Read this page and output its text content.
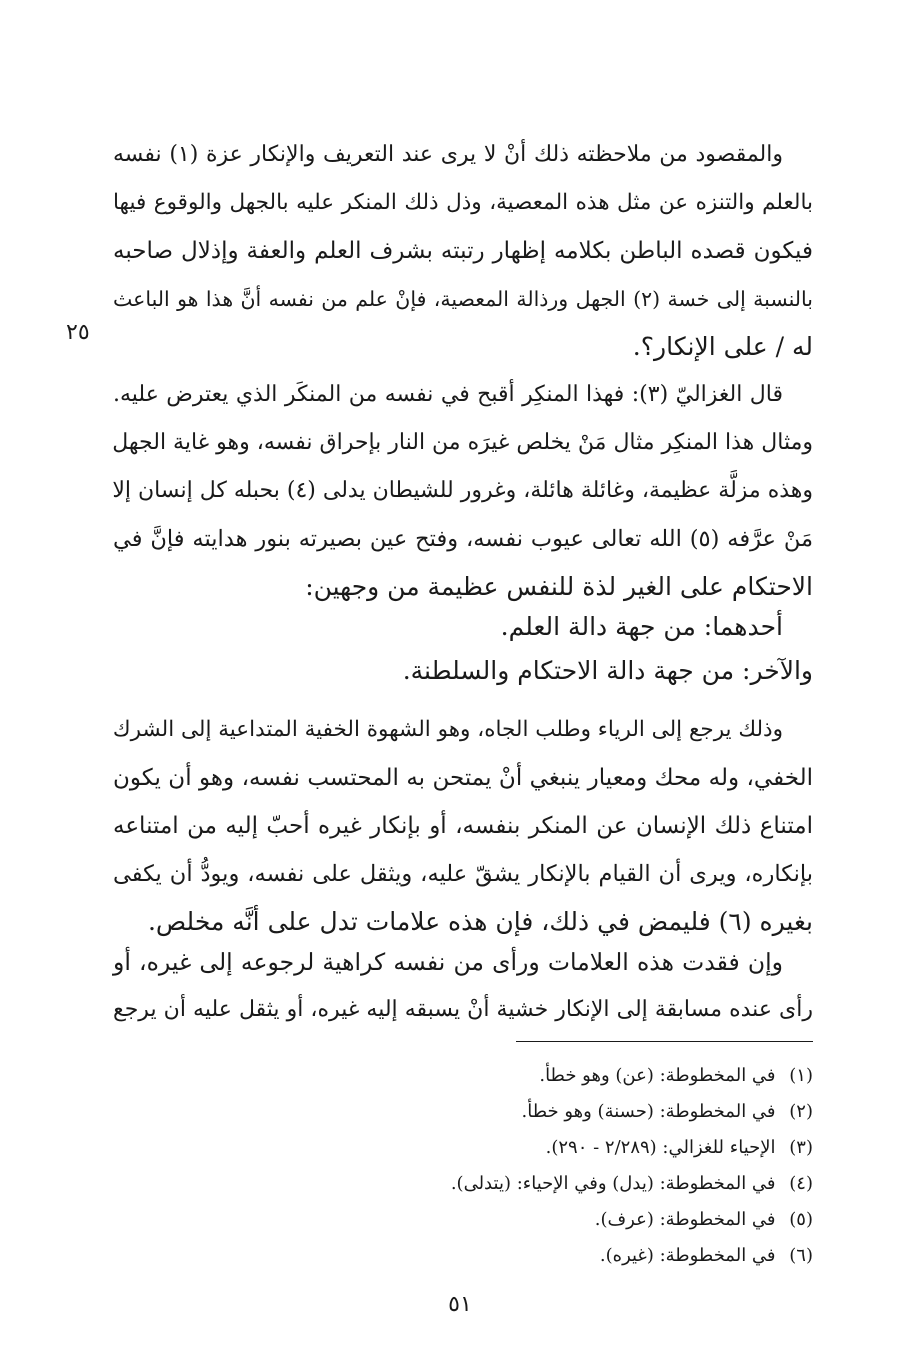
والمقصود من ملاحظته ذلك أنْ لا يرى عند التعريف والإنكار عزة (١) نفسه
بالعلم والتنزه عن مثل هذه المعصية، وذل ذلك المنكر عليه بالجهل والوقوع فيها
فيكون قصده الباطن بكلامه إظهار رتبته بشرف العلم والعفة وإذلال صاحبه
بالنسبة إلى خسة (٢) الجهل ورذالة المعصية، فإنْ علم من نفسه أنَّ هذا هو الباعث
له / على الإنكار؟.
٢٥
قال الغزاليّ (٣): فهذا المنكِر أقبح في نفسه من المنكَر الذي يعترض عليه.
ومثال هذا المنكِر مثال مَنْ يخلص غيرَه من النار بإحراق نفسه، وهو غاية الجهل
وهذه مزلَّة عظيمة، وغائلة هائلة، وغرور للشيطان يدلى (٤) بحبله كل إنسان إلا
مَنْ عرَّفه (٥) الله تعالى عيوب نفسه، وفتح عين بصيرته بنور هدايته فإنَّ في
الاحتكام على الغير لذة للنفس عظيمة من وجهين:
أحدهما: من جهة دالة العلم.
والآخر: من جهة دالة الاحتكام والسلطنة.
وذلك يرجع إلى الرياء وطلب الجاه، وهو الشهوة الخفية المتداعية إلى الشرك
الخفي، وله محك ومعيار ينبغي أنْ يمتحن به المحتسب نفسه، وهو أن يكون
امتناع ذلك الإنسان عن المنكر بنفسه، أو بإنكار غيره أحبّ إليه من امتناعه
بإنكاره، ويرى أن القيام بالإنكار يشقّ عليه، ويثقل على نفسه، ويودُّ أن يكفى
بغيره (٦) فليمض في ذلك، فإن هذه علامات تدل على أنَّه مخلص.
وإن فقدت هذه العلامات ورأى من نفسه كراهية لرجوعه إلى غيره، أو
رأى عنده مسابقة إلى الإنكار خشية أنْ يسبقه إليه غيره، أو يثقل عليه أن يرجع
(١) في المخطوطة: (عن) وهو خطأ.
(٢) في المخطوطة: (حسنة) وهو خطأ.
(٣) الإحياء للغزالي: (٢/٢٨٩ - ٢٩٠).
(٤) في المخطوطة: (يدل) وفي الإحياء: (يتدلى).
(٥) في المخطوطة: (عرف).
(٦) في المخطوطة: (غيره).
٥١
